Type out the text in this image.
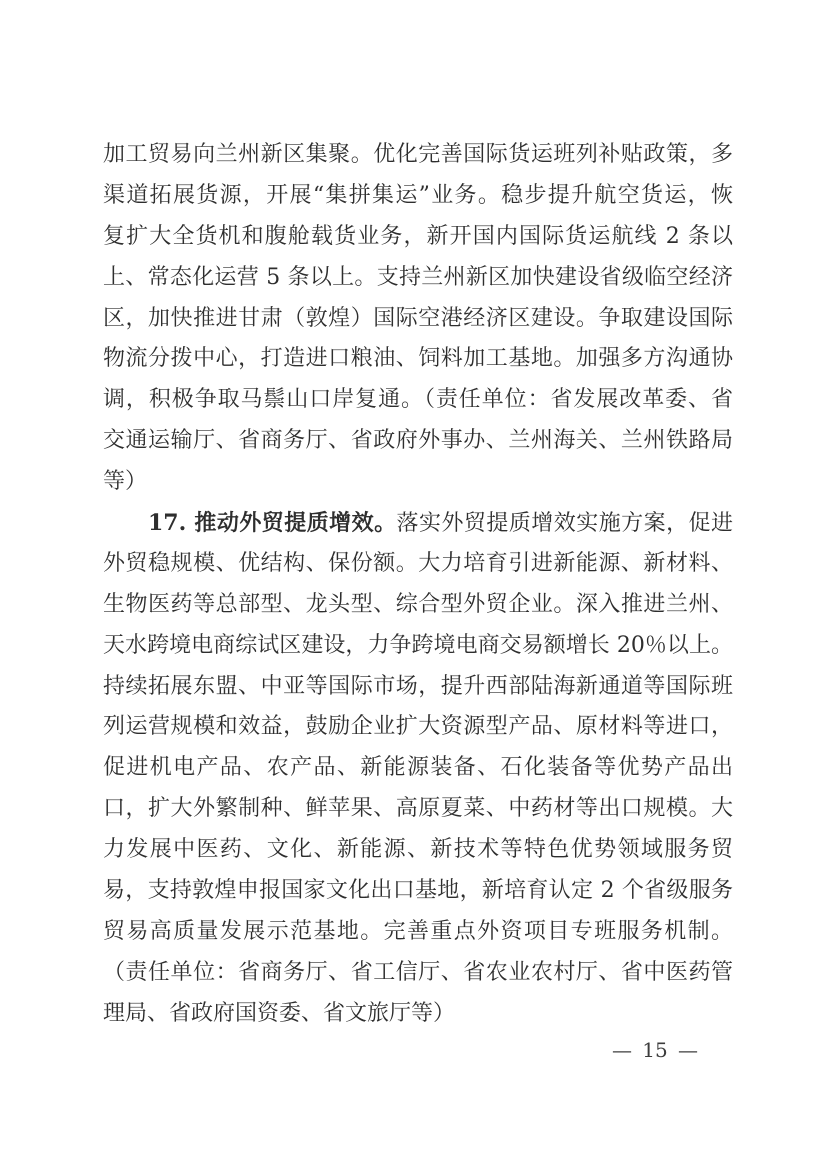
加工贸易向兰州新区集聚。优化完善国际货运班列补贴政策，多
渠道拓展货源，开展“集拼集运”业务。稳步提升航空货运，恢
复扩大全货机和腹舱载货业务，新开国内国际货运航线 2 条以
上、常态化运营 5 条以上。支持兰州新区加快建设省级临空经济
区，加快推进甘肃（敦煌）国际空港经济区建设。争取建设国际
物流分拨中心，打造进口粮油、饲料加工基地。加强多方沟通协
调，积极争取马鬃山口岸复通。（责任单位：省发展改革委、省
交通运输厅、省商务厅、省政府外事办、兰州海关、兰州铁路局
等）
17. 推动外贸提质增效。落实外贸提质增效实施方案，促进
外贸稳规模、优结构、保份额。大力培育引进新能源、新材料、
生物医药等总部型、龙头型、综合型外贸企业。深入推进兰州、
天水跨境电商综试区建设，力争跨境电商交易额增长 20％以上。
持续拓展东盟、中亚等国际市场，提升西部陆海新通道等国际班
列运营规模和效益，鼓励企业扩大资源型产品、原材料等进口，
促进机电产品、农产品、新能源装备、石化装备等优势产品出
口，扩大外繁制种、鲜苹果、高原夏菜、中药材等出口规模。大
力发展中医药、文化、新能源、新技术等特色优势领域服务贸
易，支持敦煌申报国家文化出口基地，新培育认定 2 个省级服务
贸易高质量发展示范基地。完善重点外资项目专班服务机制。
（责任单位：省商务厅、省工信厅、省农业农村厅、省中医药管
理局、省政府国资委、省文旅厅等）
— 15 —
